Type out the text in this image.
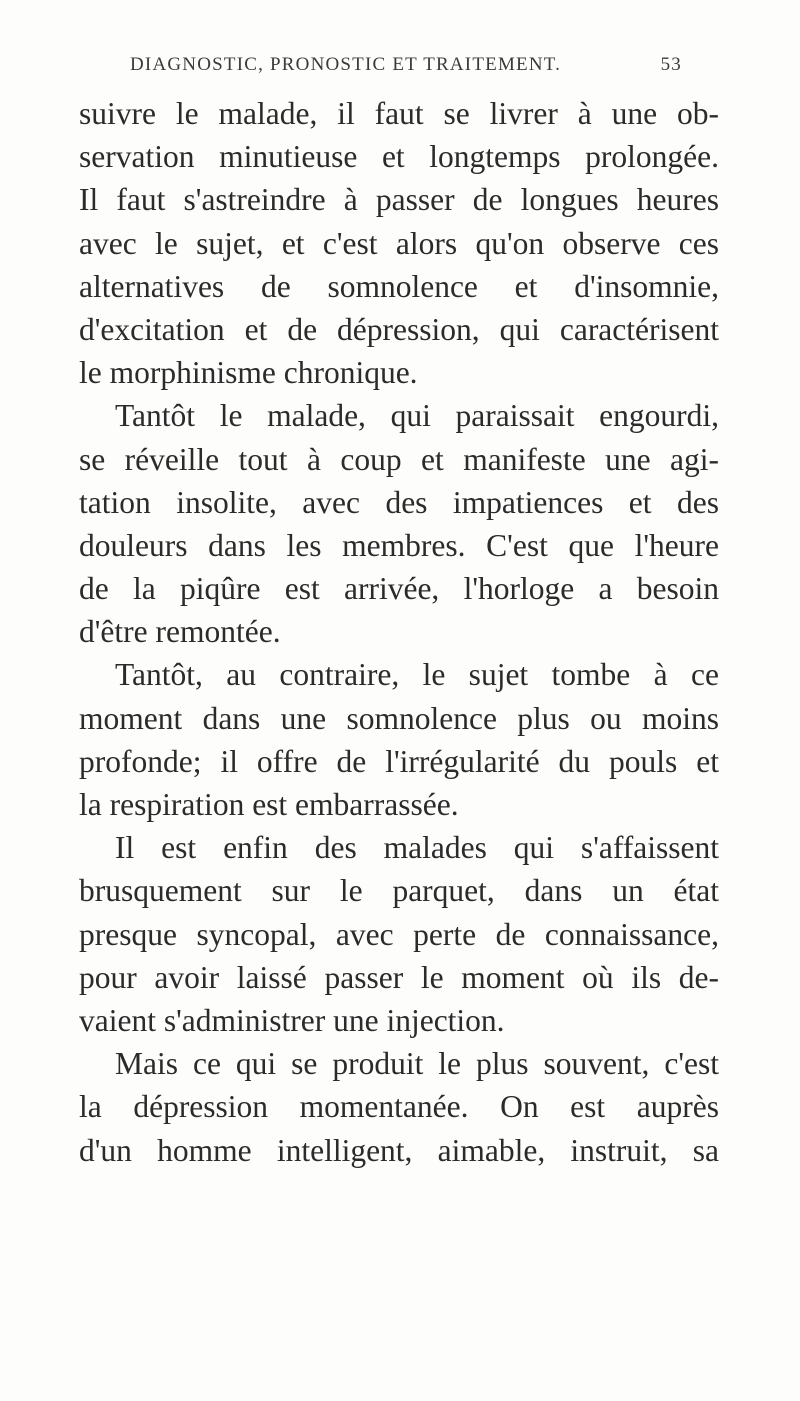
DIAGNOSTIC, PRONOSTIC ET TRAITEMENT.	53
suivre le malade, il faut se livrer à une ob-
servation minutieuse et longtemps prolongée.
Il faut s'astreindre à passer de longues heures
avec le sujet, et c'est alors qu'on observe ces
alternatives de somnolence et d'insomnie,
d'excitation et de dépression, qui caractérisent
le morphinisme chronique.
Tantôt le malade, qui paraissait engourdi,
se réveille tout à coup et manifeste une agi-
tation insolite, avec des impatiences et des
douleurs dans les membres. C'est que l'heure
de la piqûre est arrivée, l'horloge a besoin
d'être remontée.
Tantôt, au contraire, le sujet tombe à ce
moment dans une somnolence plus ou moins
profonde; il offre de l'irrégularité du pouls et
la respiration est embarrassée.
Il est enfin des malades qui s'affaissent
brusquement sur le parquet, dans un état
presque syncopal, avec perte de connaissance,
pour avoir laissé passer le moment où ils de-
vaient s'administrer une injection.
Mais ce qui se produit le plus souvent, c'est
la dépression momentanée. On est auprès
d'un homme intelligent, aimable, instruit, sa
